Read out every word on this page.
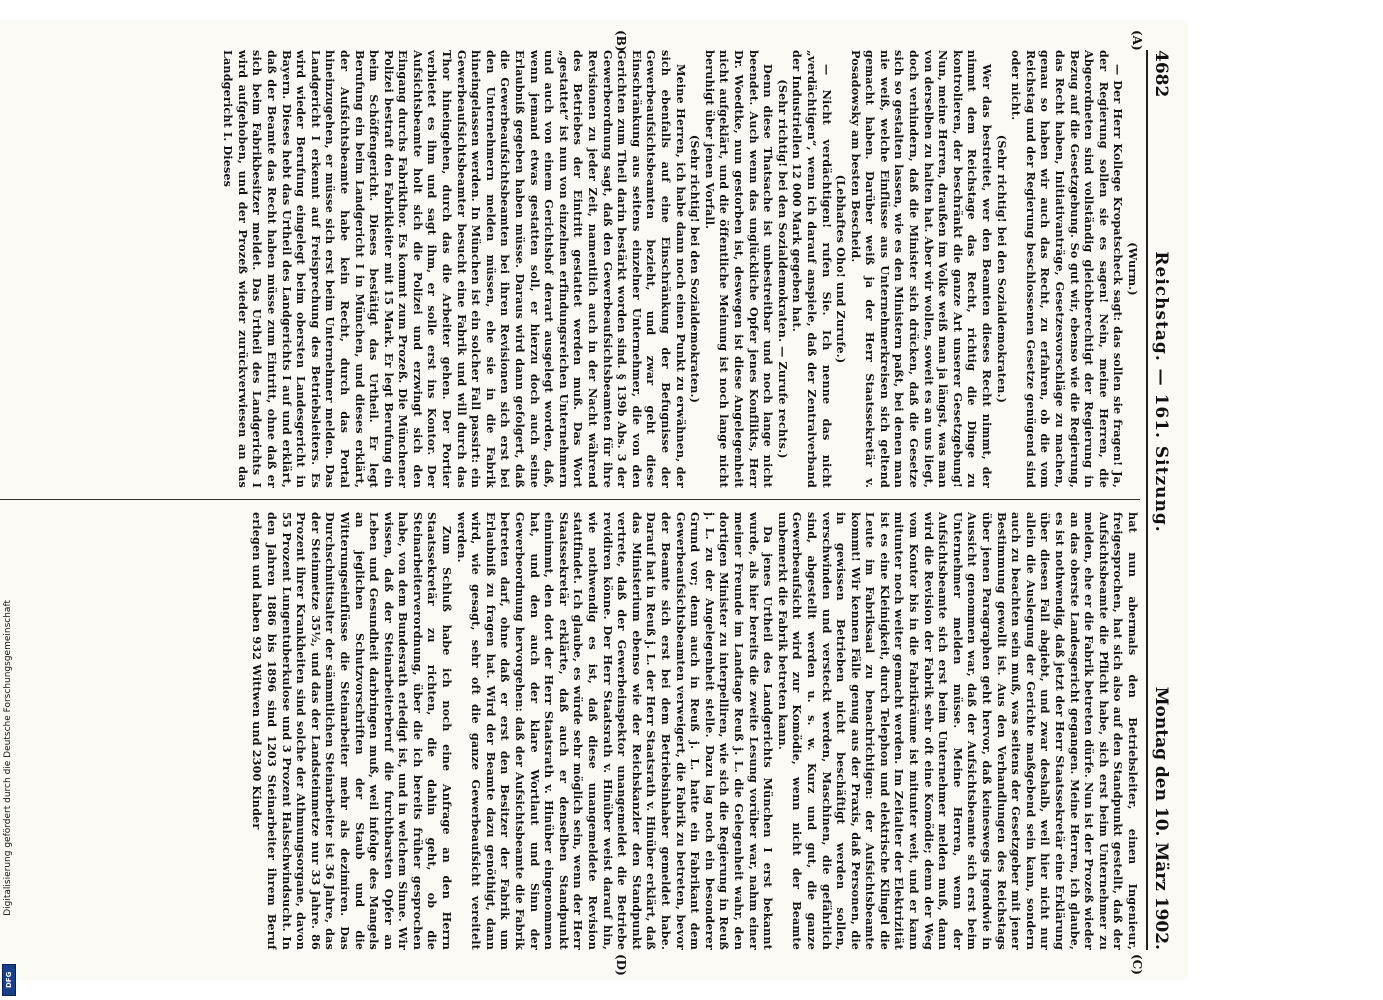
4682
Reichstag. — 161. Sitzung.
Montag den 10. März 1902.
(A)
(B)
(C)
(D)

(Wurm.)

— Der Herr Kollege Kropatscheck sagt: das sollen sie fragen! Ja, der Regierung sollen sie es sagen! Nein, meine Herren, die Abgeordneten sind vollständig gleichberechtigt der Regierung in Bezug auf die Gesetzgebung. So gut wir, ebenso wie die Regierung, das Recht haben, Initiativanträge, Gesetzesvorschläge zu machen, genau so haben wir auch das Recht, zu erfahren, ob die vom Reichstag und der Regierung beschlossenen Gesetze genügend sind oder nicht.

(Sehr richtig! bei den Sozialdemokraten.)

Wer das bestreitet, wer den Beamten dieses Recht nimmt, der nimmt dem Reichstage das Recht, richtig die Dinge zu kontrolieren, der beschränkt die ganze Art unserer Gesetzgebung! Nun, meine Herren, draußen im Volke weiß man ja längst, was man von derselben zu halten hat. Aber wir wollen, soweit es an uns liegt, doch verhindern, daß die Minister sich drücken, daß die Gesetze sich so gestalten lassen, wie es den Ministern paßt, bei denen man nie weiß, welche Einflüsse aus Unternehmerkreisen sich geltend gemacht haben. Darüber weiß ja der Herr Staatssekretär v. Posadowsky am besten Bescheid.

(Lebhaftes Oho! und Zurufe.)

— Nicht verdächtigen! rufen Sie. Ich nenne das nicht „verdächtigen“, wenn ich darauf anspiele, daß der Zentralverband der Industriellen 12 000 Mark gegeben hat.

(Sehr richtig! bei den Sozialdemokraten. — Zurufe rechts.)

Denn diese Thatsache ist unbestreitbar und noch lange nicht beendet. Auch wenn das unglückliche Opfer jenes Konflikts, Herr Dr. Woedtke, nun gestorben ist, deswegen ist diese Angelegenheit nicht aufgeklärt, und die öffentliche Meinung ist noch lange nicht beruhigt über jenen Vorfall.

(Sehr richtig! bei den Sozialdemokraten.)

Meine Herren, ich habe dann noch einen Punkt zu erwähnen, der sich ebenfalls auf eine Einschränkung der Befugnisse der Gewerbeaufsichtsbeamten bezieht, und zwar geht diese Einschränkung aus seitens einzelner Unternehmer, die von den Gerichten zum Theil darin bestärkt worden sind. § 139b Abs. 3 der Gewerbeordnung sagt, daß den Gewerbeaufsichtsbeamten für ihre Revisionen zu jeder Zeit, namentlich auch in der Nacht während des Betriebes der Eintritt gestattet werden muß. Das Wort „gestattet“ ist nun von einzelnen erfindungsreichen Unternehmern und auch von einem Gerichtshof derart ausgelegt worden, daß, wenn jemand etwas gestatten soll, er hierzu doch auch seine Erlaubniß gegeben haben müsse. Daraus wird dann gefolgert, daß die Gewerbeaufsichtsbeamten bei ihren Revisionen sich erst bei den Unternehmern melden müssen, ehe sie in die Fabrik hineingelassen werden. In München ist ein solcher Fall passirt: ein Gewerbeaufsichtsbeamter besucht eine Fabrik und will durch das Thor hineingehen, durch das die Arbeiter gehen. Der Portier verbietet es ihm und sagt ihm, er solle erst ins Kontor. Der Aufsichtsbeamte holt sich die Polizei und erzwingt sich den Eingang durchs Fabrikthor. Es kommt zum Prozeß. Die Münchener Polizei bestraft den Fabrikleiter mit 15 Mark. Er legt Berufung ein beim Schöffengericht. Dieses bestätigt das Urtheil. Er legt Berufung ein beim Landgericht I in München, und dieses erklärt, der Aufsichtsbeamte habe kein Recht, durch das Portal hineinzugehen, er müsse sich erst beim Unternehmer melden. Das Landgericht I erkennt auf Freisprechung des Betriebsleiters. Es wird wieder Berufung eingelegt beim obersten Landesgericht in Bayern. Dieses hebt das Urtheil des Landgerichts I auf und erklärt, daß der Beamte das Recht haben müsse zum Eintritt, ohne daß er sich beim Fabrikbesitzer meldet. Das Urtheil des Landgerichts I wird aufgehoben, und der Prozeß wieder zurückverwiesen an das Landgericht I. Dieses

hat nun abermals den Betriebsleiter, einen Ingenieur, freigesprochen, hat sich also auf den Standpunkt gestellt, daß der Aufsichtsbeamte die Pflicht habe, sich erst beim Unternehmer zu melden, ehe er die Fabrik betreten dürfe. Nun ist der Prozeß wieder an das oberste Landesgericht gegangen. Meine Herren, ich glaube, es ist nothwendig, daß jetzt der Herr Staatssekretär eine Erklärung über diesen Fall abgiebt, und zwar deshalb, weil hier nicht nur allein die Auslegung der Gerichte maßgebend sein kann, sondern auch zu beachten sein muß, was seitens der Gesetzgeber mit jener Bestimmung gewollt ist. Aus den Verhandlungen des Reichstags über jenen Paragraphen geht hervor, daß keineswegs irgendwie in Aussicht genommen war, daß der Aufsichtsbeamte sich erst beim Unternehmer melden müsse. Meine Herren, wenn der Aufsichtsbeamte sich erst beim Unternehmer melden muß, dann wird die Revision der Fabrik sehr oft eine Komödie; denn der Weg vom Kontor bis in die Fabrikräume ist mitunter weit, und er kann mitunter noch weiter gemacht werden. Im Zeitalter der Elektrizität ist es eine Kleinigkeit, durch Telephon und elektrische Klingel die Leute im Fabriksaal zu benachrichtigen: der Aufsichtsbeamte kommt! Wir kennen Fälle genug aus der Praxis, daß Personen, die in gewissen Betrieben nicht beschäftigt werden sollen, verschwinden und versteckt werden, Maschinen, die gefährlich sind, abgestellt werden u. s. w. Kurz und gut, die ganze Gewerbeaufsicht wird zur Komödie, wenn nicht der Beamte unbemerkt die Fabrik betreten kann.

Da jenes Urtheil des Landgerichts München I erst bekannt wurde, als hier bereits die zweite Lesung vorüber war, nahm einer meiner Freunde im Landtage Reuß j. L. die Gelegenheit wahr, den dortigen Minister zu interpelliren, wie sich die Regierung in Reuß j. L. zu der Angelegenheit stelle. Dazu lag noch ein besonderer Grund vor; denn auch in Reuß j. L. hatte ein Fabrikant dem Gewerbeaufsichtsbeamten verweigert, die Fabrik zu betreten, bevor der Beamte sich erst bei dem Betriebsinhaber gemeldet habe. Darauf hat in Reuß j. L. der Herr Staatsrath v. Hinüber erklärt, daß das Ministerium ebenso wie der Reichskanzler den Standpunkt vertrete, daß der Gewerbeinspektor unangemeldet die Betriebe revidiren könne. Der Herr Staatsrath v. Hinüber weist darauf hin, wie nothwendig es ist, daß diese unangemeldete Revision stattfindet. Ich glaube, es würde sehr möglich sein, wenn der Herr Staatssekretär erklärte, daß auch er denselben Standpunkt einnimmt, den dort der Herr Staatsrath v. Hinüber eingenommen hat, und den auch der klare Wortlaut und Sinn der Gewerbeordnung hervorgehen: daß der Aufsichtsbeamte die Fabrik betreten darf, ohne daß er erst den Besitzer der Fabrik um Erlaubniß zu fragen hat. Wird der Beamte dazu genöthigt, dann wird, wie gesagt, sehr oft die ganze Gewerbeaufsicht vereitelt werden.

Zum Schluß habe ich noch eine Anfrage an den Herrn Staatssekretär zu richten, die dahin geht, ob die Steinarbeiterverordnung, über die ich bereits früher gesprochen habe, von dem Bundesrath erledigt ist, und in welchem Sinne. Wir wissen, daß der Steinarbeiterberuf die furchtbarsten Opfer an Leben und Gesundheit darbringen muß, weil infolge des Mangels an jeglichen Schutzvorschriften der Staub und die Witterungseinflüsse die Steinarbeiter mehr als dezimiren. Das Durchschnittsalter der sämmtlichen Steinarbeiter ist 36 Jahre, das der Steinmetze 35½, und das der Landsteinmetze nur 33 Jahre. 86 Prozent ihrer Krankheiten sind solche der Athmungsorgane, davon 55 Prozent Lungentuberkulose und 3 Prozent Halsschwindsucht. In den Jahren 1886 bis 1896 sind 1203 Steinarbeiter ihrem Beruf erlegen und haben 932 Wittwen und 2300 Kinder

Digitalisierung gefördert durch die Deutsche Forschungsgemeinschaft
DFG
